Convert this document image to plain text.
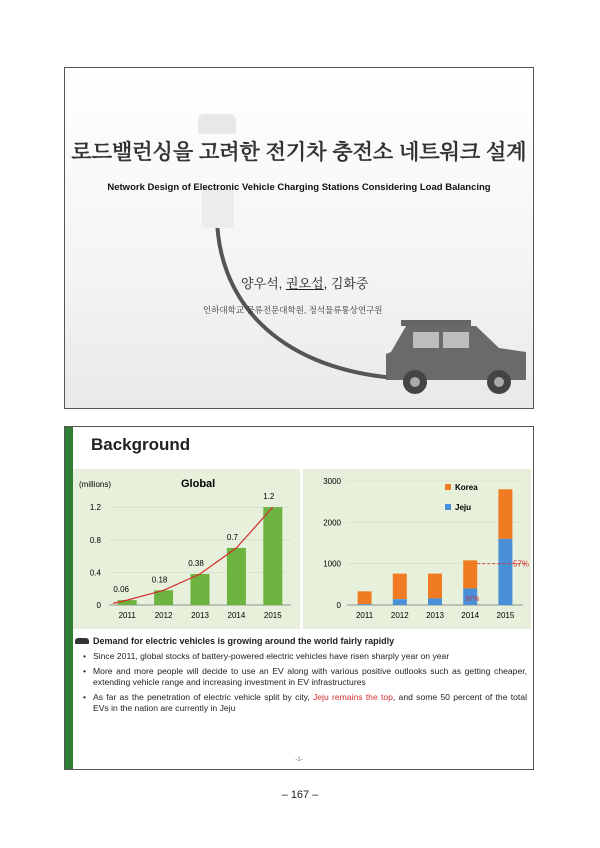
로드밸런싱을 고려한 전기차 충전소 네트워크 설계
Network Design of Electronic Vehicle Charging Stations Considering Load Balancing
양우석, 권오섭, 김화중
인하대학교 물류전문대학원, 정석물류통상연구원
Background
(millions)	Global
0
0.4
0.8
1.2
2011
0.06
2012
0.18
2013
0.38
2014
0.7
2015
1.2
0
1000
2000
3000
2011 2012 2013 2014 2015
37%
57%
Korea
Jeju
Demand for electric vehicles is growing around the world fairly rapidly
• Since 2011, global stocks of battery-powered electric vehicles have risen sharply year on year
• More and more people will decide to use an EV along with various positive outlooks such as getting cheaper, extending vehicle range and increasing investment in EV infrastructures
• As far as the penetration of electric vehicle split by city, Jeju remains the top, and some 50 percent of the total EVs in the nation are currently in Jeju
-1-
– 167 –
